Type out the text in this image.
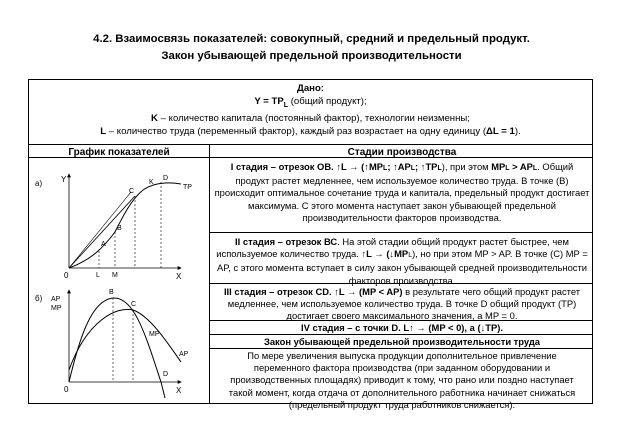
4.2. Взаимосвязь показателей: совокупный, средний и предельный продукт.
Закон убывающей предельной производительности
Дано:
$Y = TP_L$ (общий продукт);
K – количество капитала (постоянный фактор), технологии неизменны;
L – количество труда (переменный фактор), каждый раз возрастает на одну единицу (ΔL = 1).
График показателей	Стадии производства
а) Y
X
0
A
B
C
K
D
TP
L M
б) AP
MP
X
0
B
C
D
MP
AP
I стадия – отрезок ОВ. ↑L → (↑MPL; ↑APL; ↑TPL), при этом MPL > APL. Общий продукт растет медленнее, чем используемое количество труда. В точке (B) происходит оптимальное сочетание труда и капитала, предельный продукт достигает максимума. С этого момента наступает закон убывающей предельной производительности факторов производства.
II стадия – отрезок ВС. На этой стадии общий продукт растет быстрее, чем используемое количество труда. ↑L → (↓MPL), но при этом MP > AP. В точке (C) MP = AP, с этого момента вступает в силу закон убывающей средней производительности факторов производства.
III стадия – отрезок CD. ↑L → (MP < AP) в результате чего общий продукт растет медленнее, чем используемое количество труда. В точке D общий продукт (TP) достигает своего максимального значения, а MP = 0.
IV стадия – с точки D. L↑ → (MP < 0), а (↓TP).
Закон убывающей предельной производительности труда
По мере увеличения выпуска продукции дополнительное привлечение переменного фактора производства (при заданном оборудовании и производственных площадях) приводит к тому, что рано или поздно наступает такой момент, когда отдача от дополнительного работника начинает снижаться (предельный продукт труда работников снижается).
